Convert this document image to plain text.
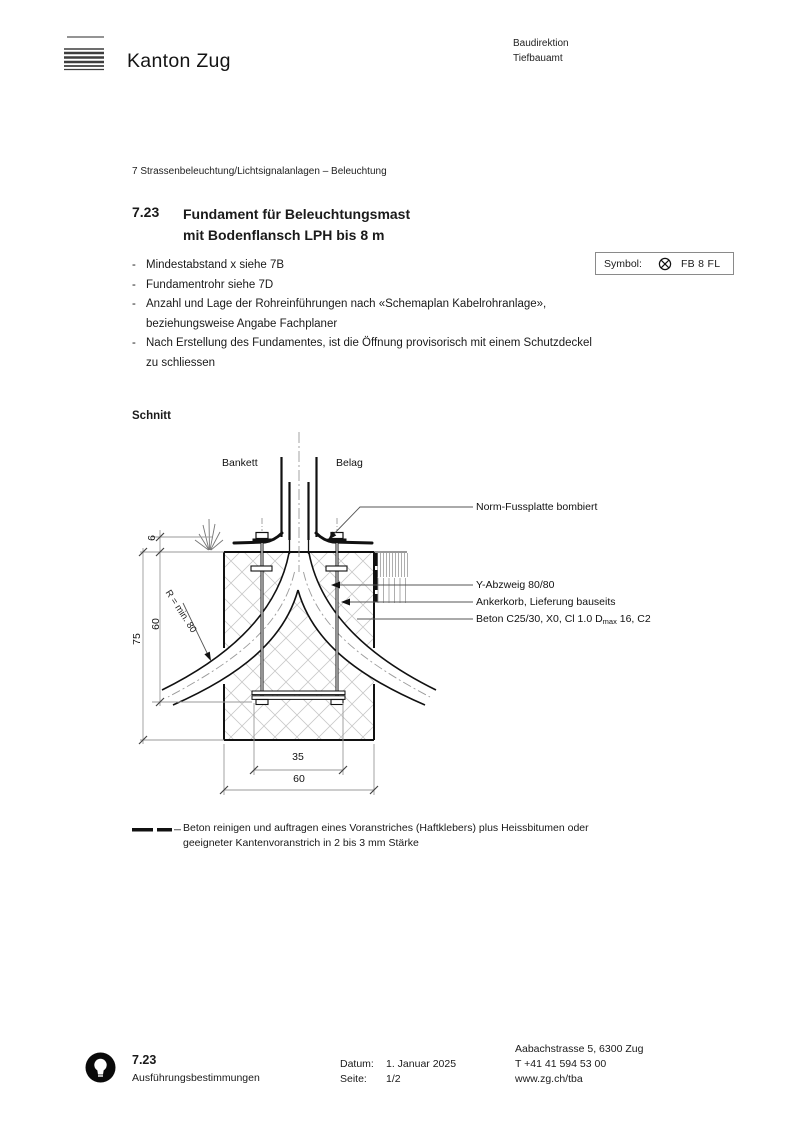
Kanton Zug
Baudirektion
Tiefbauamt
7 Strassenbeleuchtung/Lichtsignalanlagen – Beleuchtung
7.23 Fundament für Beleuchtungsmast
mit Bodenflansch LPH bis 8 m
- Mindestabstand x siehe 7B
- Fundamentrohr siehe 7D
- Anzahl und Lage der Rohreinführungen nach «Schemaplan Kabelrohranlage»,
beziehungsweise Angabe Fachplaner
- Nach Erstellung des Fundamentes, ist die Öffnung provisorisch mit einem Schutzdeckel
zu schliessen
Symbol:	FB 8 FL
Schnitt
Bankett	Belag
Norm-Fussplatte bombiert
Y-Abzweig 80/80
Ankerkorb, Lieferung bauseits
Beton C25/30, X0, Cl 1.0 Dmax 16, C2
6
60
75
R = min. 80
35
60
Beton reinigen und auftragen eines Voranstriches (Haftklebers) plus Heissbitumen oder
geeigneter Kantenvoranstrich in 2 bis 3 mm Stärke
7.23
Ausführungsbestimmungen
Datum: 1. Januar 2025
Seite: 1/2
Aabachstrasse 5, 6300 Zug
T +41 41 594 53 00
www.zg.ch/tba
